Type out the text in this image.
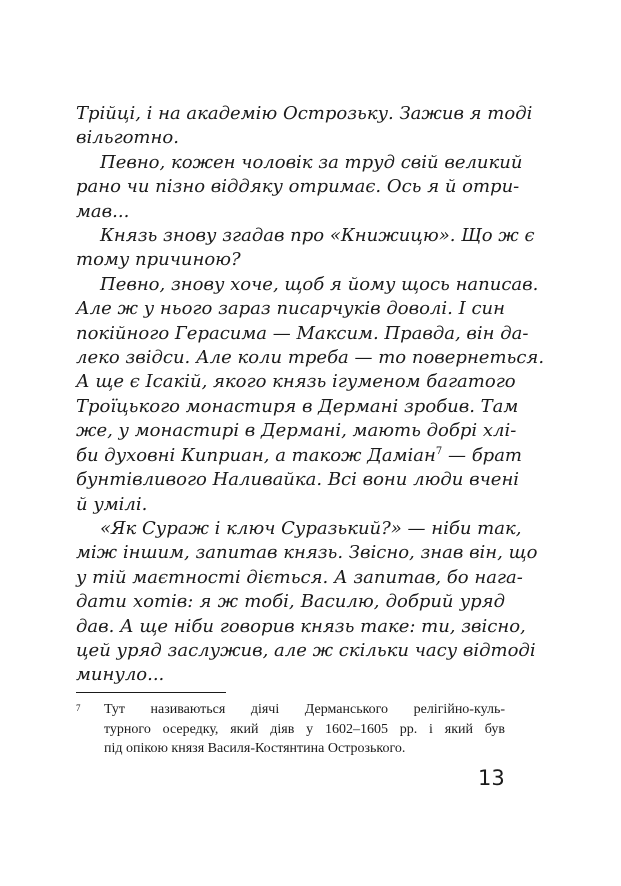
Трійці, і на академію Острозьку. Зажив я тоді
вільготно.
Певно, кожен чоловік за труд свій великий
рано чи пізно віддяку отримає. Ось я й отри-
мав...
Князь знову згадав про «Книжицю». Що ж є
тому причиною?
Певно, знову хоче, щоб я йому щось написав.
Але ж у нього зараз писарчуків доволі. І син
покійного Герасима — Максим. Правда, він да-
леко звідси. Але коли треба — то повернеться.
А ще є Ісакій, якого князь ігуменом багатого
Троїцького монастиря в Дермані зробив. Там
же, у монастирі в Дермані, мають добрі хлі-
би духовні Киприан, а також Даміан$^7$ — брат
бунтівливого Наливайка. Всі вони люди вчені
й умілі.
«Як Сураж і ключ Суразький?» — ніби так,
між іншим, запитав князь. Звісно, знав він, що
у тій маєтності діється. А запитав, бо нага-
дати хотів: я ж тобі, Василю, добрий уряд
дав. А ще ніби говорив князь таке: ти, звісно,
цей уряд заслужив, але ж скільки часу відтоді
минуло...
7	Тут називаються діячі Дерманського релігійно-куль-
турного осередку, який діяв у 1602–1605 рр. і який був
під опікою князя Василя-Костянтина Острозького.
13
